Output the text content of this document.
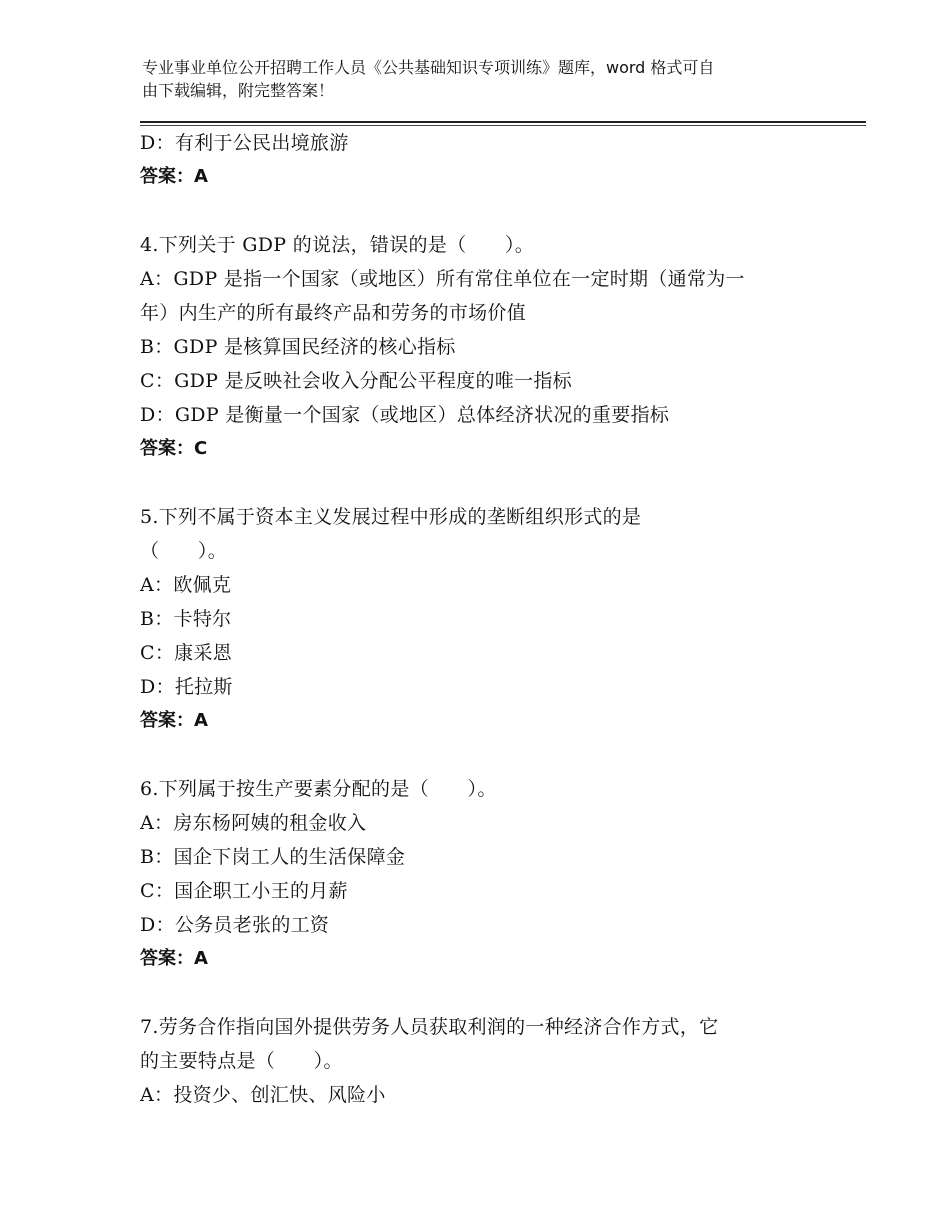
专业事业单位公开招聘工作人员《公共基础知识专项训练》题库，word 格式可自
由下载编辑，附完整答案！
D：有利于公民出境旅游
答案：A
4.下列关于 GDP 的说法，错误的是（　　）。
A：GDP 是指一个国家（或地区）所有常住单位在一定时期（通常为一
年）内生产的所有最终产品和劳务的市场价值
B：GDP 是核算国民经济的核心指标
C：GDP 是反映社会收入分配公平程度的唯一指标
D：GDP 是衡量一个国家（或地区）总体经济状况的重要指标
答案：C
5.下列不属于资本主义发展过程中形成的垄断组织形式的是
（　　）。
A：欧佩克
B：卡特尔
C：康采恩
D：托拉斯
答案：A
6.下列属于按生产要素分配的是（　　）。
A：房东杨阿姨的租金收入
B：国企下岗工人的生活保障金
C：国企职工小王的月薪
D：公务员老张的工资
答案：A
7.劳务合作指向国外提供劳务人员获取利润的一种经济合作方式，它
的主要特点是（　　）。
A：投资少、创汇快、风险小
